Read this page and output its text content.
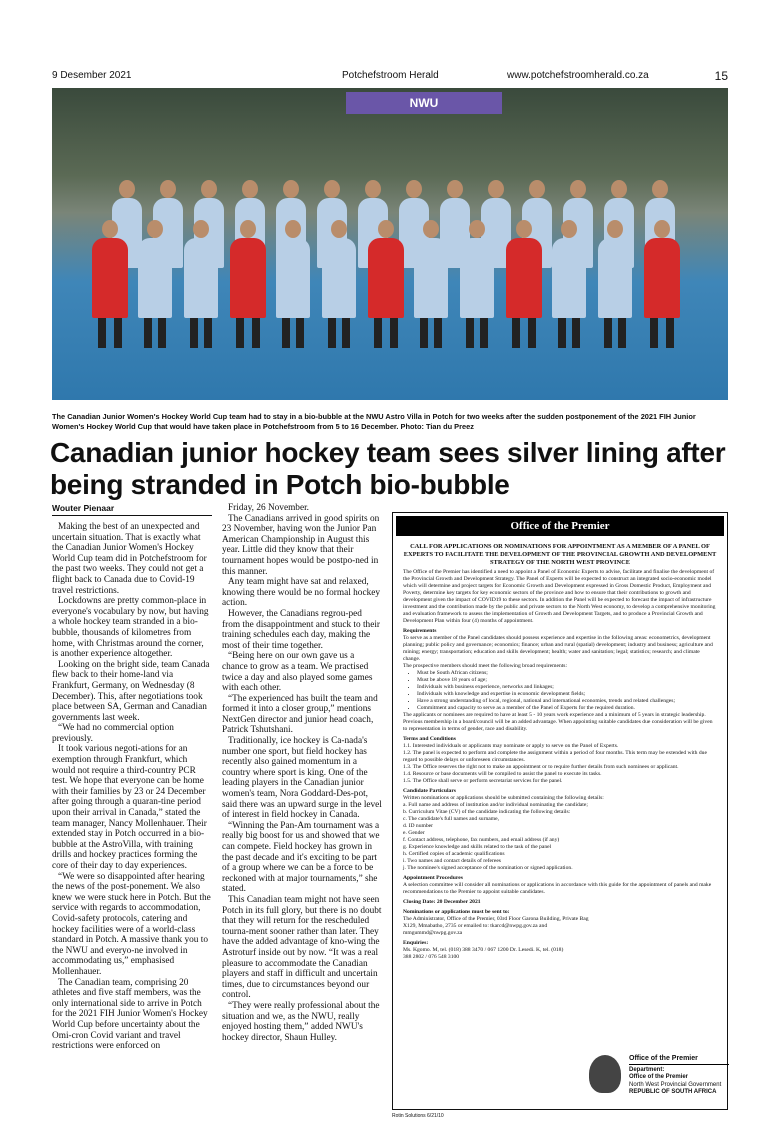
9 Desember 2021	Potchefstroom Herald	www.potchefstroomherald.co.za	15
NWU
The Canadian Junior Women's Hockey World Cup team had to stay in a bio-bubble at the NWU Astro Villa in Potch for two weeks after the sudden postponement of the 2021 FIH Junior Women's Hockey World Cup that would have taken place in Potchefstroom from 5 to 16 December. Photo: Tian du Preez
Canadian junior hockey team sees silver lining after being stranded in Potch bio-bubble
Wouter Pienaar

Making the best of an unexpected and uncertain situation. That is exactly what the Canadian Junior Women's Hockey World Cup team did in Potchefstroom for the past two weeks. They could not get a flight back to Canada due to Covid-19 travel restrictions.

Lockdowns are pretty common-place in everyone's vocabulary by now, but having a whole hockey team stranded in a bio-bubble, thousands of kilometres from home, with Christmas around the corner, is another experience altogether.

Looking on the bright side, team Canada flew back to their home-land via Frankfurt, Germany, on Wednesday (8 December). This, after negotiations took place between SA, German and Canadian governments last week.

“We had no commercial option previously.

It took various negoti-ations for an exemption through Frankfurt, which would not require a third-country PCR test. We hope that everyone can be home with their families by 23 or 24 December after going through a quaran-tine period upon their arrival in Canada,” stated the team manager, Nancy Mollenhauer. Their extended stay in Potch occurred in a bio-bubble at the AstroVilla, with training drills and hockey practices forming the core of their day to day experiences.

“We were so disappointed after hearing the news of the post-ponement. We also knew we were stuck here in Potch. But the service with regards to accommodation, Covid-safety protocols, catering and hockey facilities were of a world-class standard in Potch. A massive thank you to the NWU and everyo-ne involved in accommodating us,” emphasised Mollenhauer.

The Canadian team, comprising 20 athletes and five staff members, was the only international side to arrive in Potch for the 2021 FIH Junior Women's Hockey World Cup before uncertainty about the Omi-cron Covid variant and travel restrictions were enforced on

Friday, 26 November.

The Canadians arrived in good spirits on 23 November, having won the Junior Pan American Championship in August this year. Little did they know that their tournament hopes would be postpo-ned in this manner.

Any team might have sat and relaxed, knowing there would be no formal hockey action.

However, the Canadians regrou-ped from the disappointment and stuck to their training schedules each day, making the most of their time together.

“Being here on our own gave us a chance to grow as a team. We practised twice a day and also played some games with each other.

“The experienced has built the team and formed it into a closer group,” mentions NextGen director and junior head coach, Patrick Tshutshani.

Traditionally, ice hockey is Ca-nada's number one sport, but field hockey has recently also gained momentum in a country where sport is king. One of the leading players in the Canadian junior women's team, Nora Goddard-Des-pot, said there was an upward surge in the level of interest in field hockey in Canada.

“Winning the Pan-Am tournament was a really big boost for us and showed that we can compete. Field hockey has grown in the past decade and it's exciting to be part of a group where we can be a force to be reckoned with at major tournaments,” she stated.

This Canadian team might not have seen Potch in its full glory, but there is no doubt that they will return for the rescheduled tourna-ment sooner rather than later. They have the added advantage of kno-wing the Astroturf inside out by now. “It was a real pleasure to accommodate the Canadian players and staff in difficult and uncertain times, due to circumstances beyond our control.

“They were really professional about the situation and we, as the NWU, really enjoyed hosting them,” added NWU's hockey director, Shaun Hulley.

Office of the Premier
CALL FOR APPLICATIONS OR NOMINATIONS FOR APPOINTMENT AS A MEMBER OF A PANEL OF EXPERTS TO FACILITATE THE DEVELOPMENT OF THE PROVINCIAL GROWTH AND DEVELOPMENT STRATEGY OF THE NORTH WEST PROVINCE

The Office of the Premier has identified a need to appoint a Panel of Economic Experts to advise, facilitate and finalise the development of the Provincial Growth and Development Strategy. The Panel of Experts will be expected to construct an integrated socio-economic model which will determine and project targets for Economic Growth and Development expressed in Gross Domestic Product, Employment and Poverty, determine key targets for key economic sectors of the province and how to ensure that their contributions to growth and development given the impact of COVID19 to these sectors. In addition the Panel will be expected to forecast the impact of infrastructure investment and the contribution made by the public and private sectors to the North West economy, to develop a comprehensive monitoring and evaluation framework to assess the implementation of Growth and Development Targets, and to produce a Provincial Growth and Development Plan within four (4) months of appointment.

Requirements

To serve as a member of the Panel candidates should possess experience and expertise in the following areas: econometrics, development planning; public policy and governance; economics; finance; urban and rural (spatial) development; industry and business; agriculture and mining; energy; transportation; education and skills development; health; water and sanitation; legal; statistics; research; and climate change.

The prospective members should meet the following broad requirements:

• Must be South African citizens;
• Must be above 18 years of age;
• Individuals with business experience, networks and linkages;
• Individuals with knowledge and expertise in economic development fields;
• Have a strong understanding of local, regional, national and international economies, trends and related challenges;
• Commitment and capacity to serve as a member of the Panel of Experts for the required duration.

The applicants or nominees are required to have at least 5 - 10 years work experience and a minimum of 5 years in strategic leadership. Previous membership in a board/council will be an added advantage. When appointing suitable candidates due consideration will be given to representation in terms of gender, race and disability.

Terms and Conditions

1.1. Interested individuals or applicants may nominate or apply to serve on the Panel of Experts.

1.2. The panel is expected to perform and complete the assignment within a period of four months. This term may be extended with due regard to possible delays or unforeseen circumstances.

1.3. The Office reserves the right not to make an appointment or to require further details from such nominees or applicant.

1.4. Resource or base documents will be compiled to assist the panel to execute its tasks.

1.5. The Office shall serve or perform secretariat services for the panel.

Candidate Particulars

Written nominations or applications should be submitted containing the following details:

a. Full name and address of institution and/or individual nominating the candidate;

b. Curriculum Vitae (CV) of the candidate indicating the following details:

c. The candidate's full names and surname,

d. ID number

e. Gender

f. Contact address, telephone, fax numbers, and email address (if any)

g. Experience knowledge and skills related to the task of the panel

h. Certified copies of academic qualifications

i. Two names and contact details of referees

j. The nominee's signed acceptance of the nomination or signed application.

Appointment Procedures

A selection committee will consider all nominations or applications in accordance with this guide for the appointment of panels and make recommendations to the Premier to appoint suitable candidates.

Closing Date: 20 December 2021

Nominations or applications must be sent to:

The Administrator, Office of the Premier, 03rd Floor Garona Building, Private Bag X129, Mmabatho, 2735 or emailed to: tkarcd@nwpg.gov.za and mmgummd@nwpg.gov.za

Enquiries:

Ms. Kgomo. M, tel. (018) 388 3470 / 067 1200 Dr. Lesedi. K, tel. (018) 388 2802 / 076 548 3100

Office of the Premier
Department:
Office of the Premier
North West Provincial Government
REPUBLIC OF SOUTH AFRICA
Rotin Solutions 6/21/10
